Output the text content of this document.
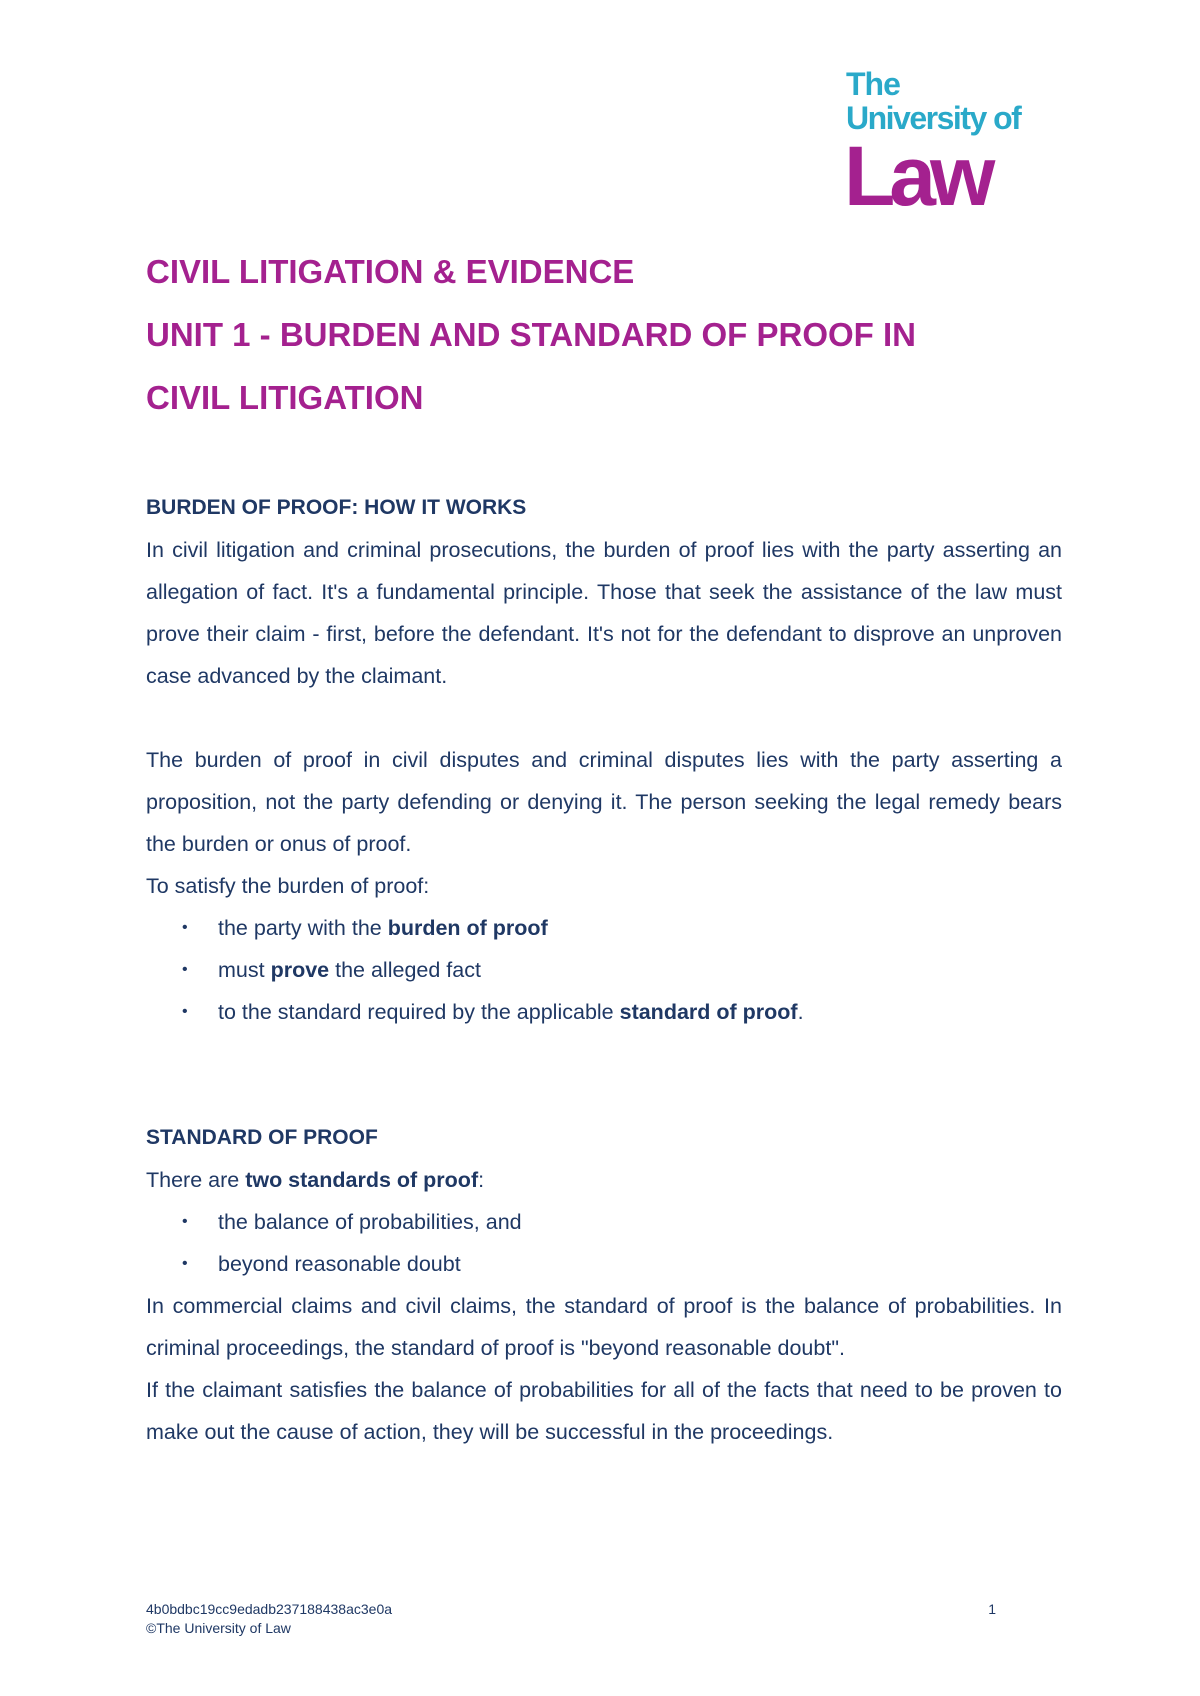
The
University of
Law
CIVIL LITIGATION & EVIDENCE
UNIT 1 - BURDEN AND STANDARD OF PROOF IN
CIVIL LITIGATION
BURDEN OF PROOF: HOW IT WORKS

In civil litigation and criminal prosecutions, the burden of proof lies with the party asserting an allegation of fact. It's a fundamental principle. Those that seek the assistance of the law must prove their claim - first, before the defendant. It's not for the defendant to disprove an unproven case advanced by the claimant.

The burden of proof in civil disputes and criminal disputes lies with the party asserting a proposition, not the party defending or denying it. The person seeking the legal remedy bears the burden or onus of proof.

To satisfy the burden of proof:

• the party with the burden of proof
• must prove the alleged fact
• to the standard required by the applicable standard of proof.
STANDARD OF PROOF

There are two standards of proof:

• the balance of probabilities, and
• beyond reasonable doubt

In commercial claims and civil claims, the standard of proof is the balance of probabilities. In criminal proceedings, the standard of proof is "beyond reasonable doubt".

If the claimant satisfies the balance of probabilities for all of the facts that need to be proven to make out the cause of action, they will be successful in the proceedings.

4b0bdbc19cc9edadb237188438ac3e0a
©The University of Law
1
